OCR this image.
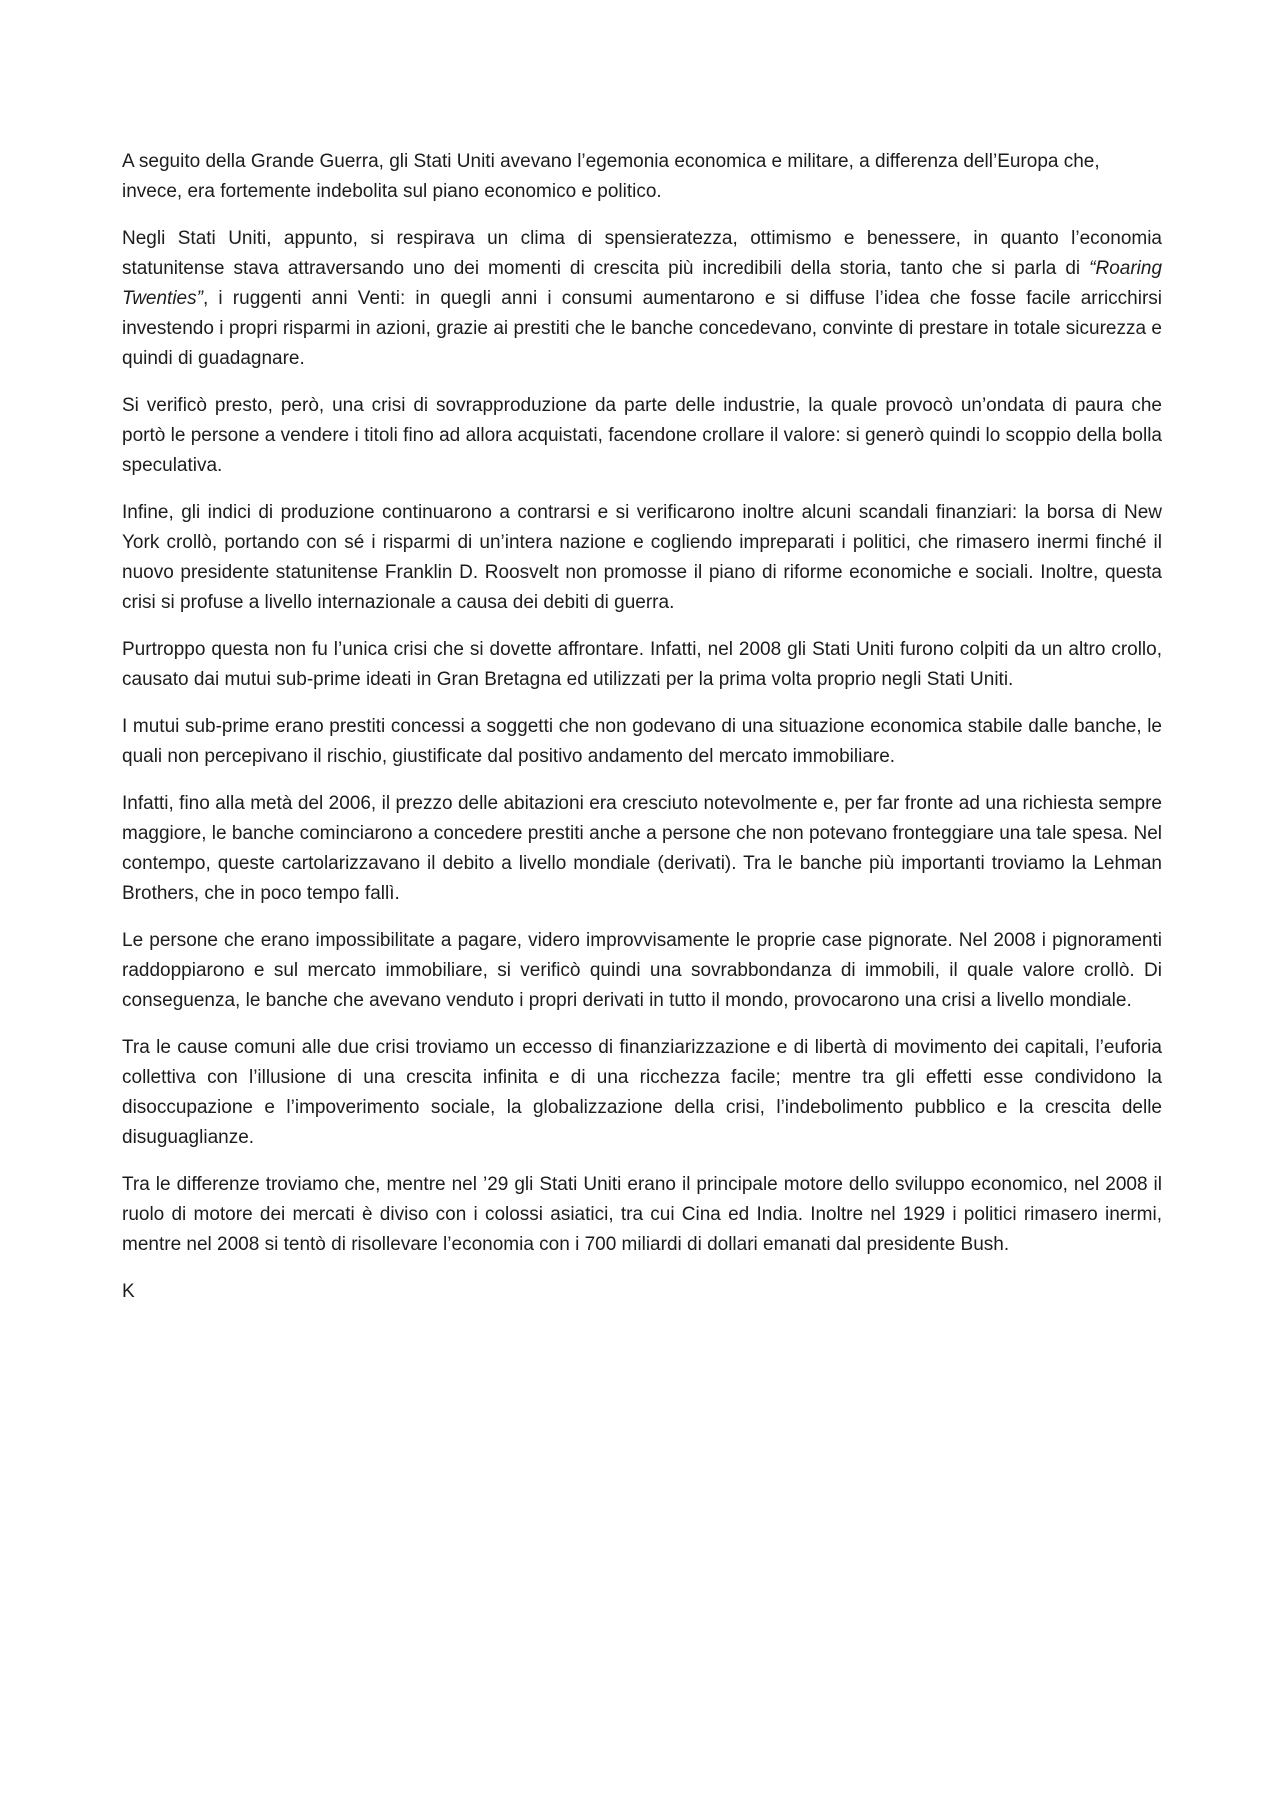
A seguito della Grande Guerra, gli Stati Uniti avevano l’egemonia economica e militare, a differenza dell’Europa che, invece, era fortemente indebolita sul piano economico e politico.

Negli Stati Uniti, appunto, si respirava un clima di spensieratezza, ottimismo e benessere, in quanto l’economia statunitense stava attraversando uno dei momenti di crescita più incredibili della storia, tanto che si parla di “Roaring Twenties”, i ruggenti anni Venti: in quegli anni i consumi aumentarono e si diffuse l’idea che fosse facile arricchirsi investendo i propri risparmi in azioni, grazie ai prestiti che le banche concedevano, convinte di prestare in totale sicurezza e quindi di guadagnare.

Si verificò presto, però, una crisi di sovrapproduzione da parte delle industrie, la quale provocò un’ondata di paura che portò le persone a vendere i titoli fino ad allora acquistati, facendone crollare il valore: si generò quindi lo scoppio della bolla speculativa.

Infine, gli indici di produzione continuarono a contrarsi e si verificarono inoltre alcuni scandali finanziari: la borsa di New York crollò, portando con sé i risparmi di un’intera nazione e cogliendo impreparati i politici, che rimasero inermi finché il nuovo presidente statunitense Franklin D. Roosvelt non promosse il piano di riforme economiche e sociali. Inoltre, questa crisi si profuse a livello internazionale a causa dei debiti di guerra.

Purtroppo questa non fu l’unica crisi che si dovette affrontare. Infatti, nel 2008 gli Stati Uniti furono colpiti da un altro crollo, causato dai mutui sub-prime ideati in Gran Bretagna ed utilizzati per la prima volta proprio negli Stati Uniti.

I mutui sub-prime erano prestiti concessi a soggetti che non godevano di una situazione economica stabile dalle banche, le quali non percepivano il rischio, giustificate dal positivo andamento del mercato immobiliare.

Infatti, fino alla metà del 2006, il prezzo delle abitazioni era cresciuto notevolmente e, per far fronte ad una richiesta sempre maggiore, le banche cominciarono a concedere prestiti anche a persone che non potevano fronteggiare una tale spesa. Nel contempo, queste cartolarizzavano il debito a livello mondiale (derivati). Tra le banche più importanti troviamo la Lehman Brothers, che in poco tempo fallì.

Le persone che erano impossibilitate a pagare, videro improvvisamente le proprie case pignorate. Nel 2008 i pignoramenti raddoppiarono e sul mercato immobiliare, si verificò quindi una sovrabbondanza di immobili, il quale valore crollò. Di conseguenza, le banche che avevano venduto i propri derivati in tutto il mondo, provocarono una crisi a livello mondiale.

Tra le cause comuni alle due crisi troviamo un eccesso di finanziarizzazione e di libertà di movimento dei capitali, l’euforia collettiva con l’illusione di una crescita infinita e di una ricchezza facile; mentre tra gli effetti esse condividono la disoccupazione e l’impoverimento sociale, la globalizzazione della crisi, l’indebolimento pubblico e la crescita delle disuguaglianze.

Tra le differenze troviamo che, mentre nel ’29 gli Stati Uniti erano il principale motore dello sviluppo economico, nel 2008 il ruolo di motore dei mercati è diviso con i colossi asiatici, tra cui Cina ed India. Inoltre nel 1929 i politici rimasero inermi, mentre nel 2008 si tentò di risollevare l’economia con i 700 miliardi di dollari emanati dal presidente Bush.

K
